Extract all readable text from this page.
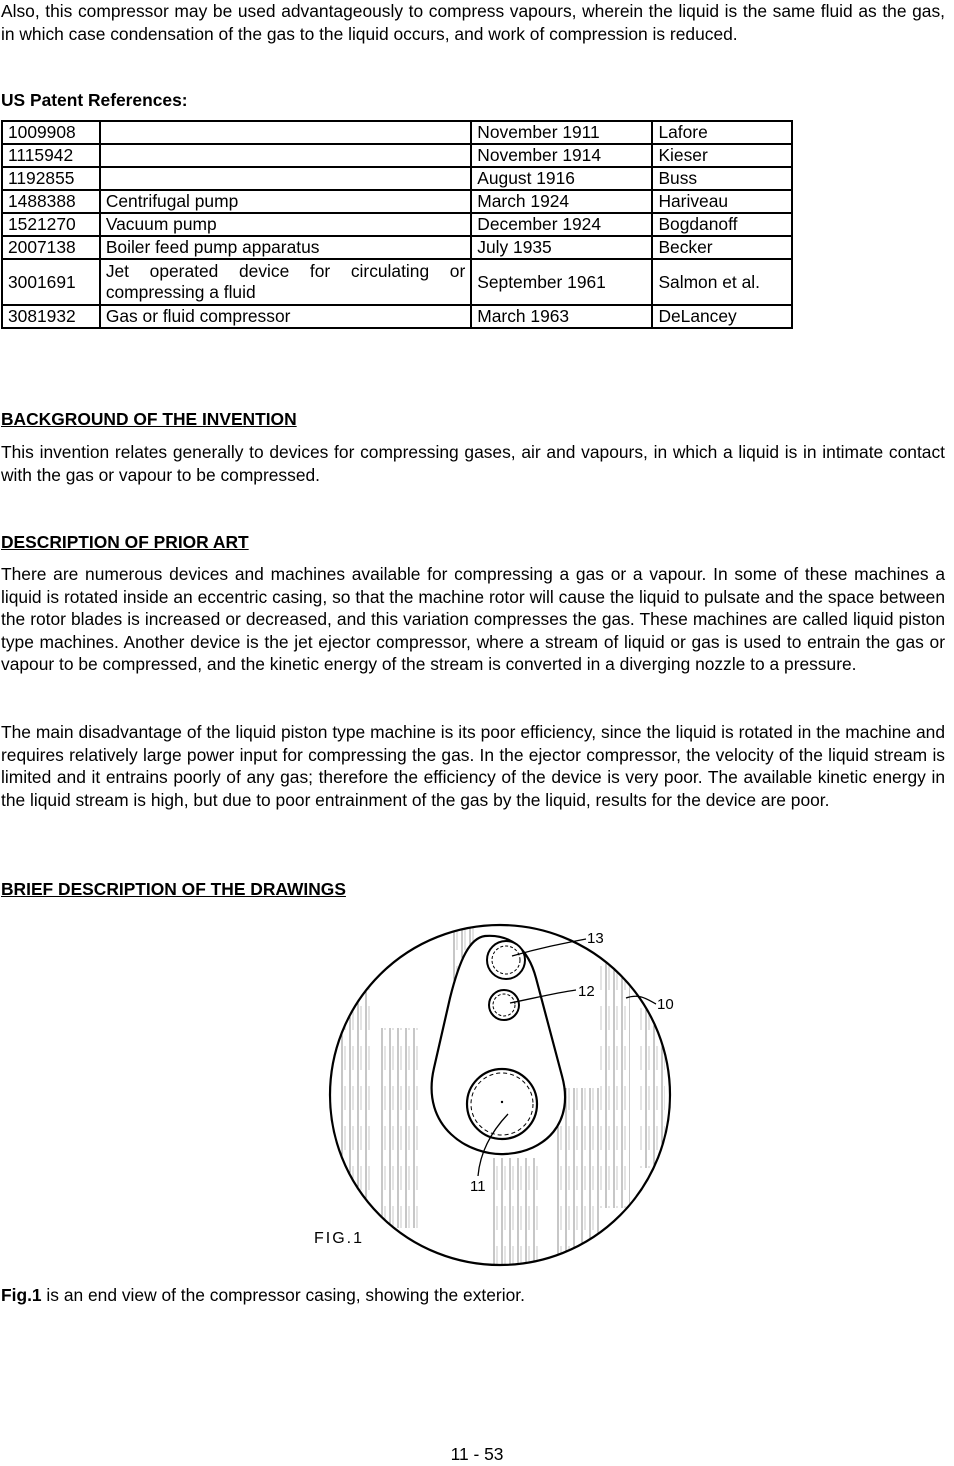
Also, this compressor may be used advantageously to compress vapours, wherein the liquid is the same fluid as the gas, in which case condensation of the gas to the liquid occurs, and work of compression is reduced.

US Patent References:

1009908		November 1911	Lafore
1115942		November 1914	Kieser
1192855		August 1916	Buss
1488388	Centrifugal pump	March 1924	Hariveau
1521270	Vacuum pump	December 1924	Bogdanoff
2007138	Boiler feed pump apparatus	July 1935	Becker
3001691	Jet operated device for circulating or compressing a fluid	September 1961	Salmon et al.
3081932	Gas or fluid compressor	March 1963	DeLancey

BACKGROUND OF THE INVENTION

This invention relates generally to devices for compressing gases, air and vapours, in which a liquid is in intimate contact with the gas or vapour to be compressed.

DESCRIPTION OF PRIOR ART

There are numerous devices and machines available for compressing a gas or a vapour. In some of these machines a liquid is rotated inside an eccentric casing, so that the machine rotor will cause the liquid to pulsate and the space between the rotor blades is increased or decreased, and this variation compresses the gas. These machines are called liquid piston type machines. Another device is the jet ejector compressor, where a stream of liquid or gas is used to entrain the gas or vapour to be compressed, and the kinetic energy of the stream is converted in a diverging nozzle to a pressure.

The main disadvantage of the liquid piston type machine is its poor efficiency, since the liquid is rotated in the machine and requires relatively large power input for compressing the gas. In the ejector compressor, the velocity of the liquid stream is limited and it entrains poorly of any gas; therefore the efficiency of the device is very poor. The available kinetic energy in the liquid stream is high, but due to poor entrainment of the gas by the liquid, results for the device are poor.

BRIEF DESCRIPTION OF THE DRAWINGS

13
12
10
11
FIG.1

Fig.1 is an end view of the compressor casing, showing the exterior.

11 - 53
